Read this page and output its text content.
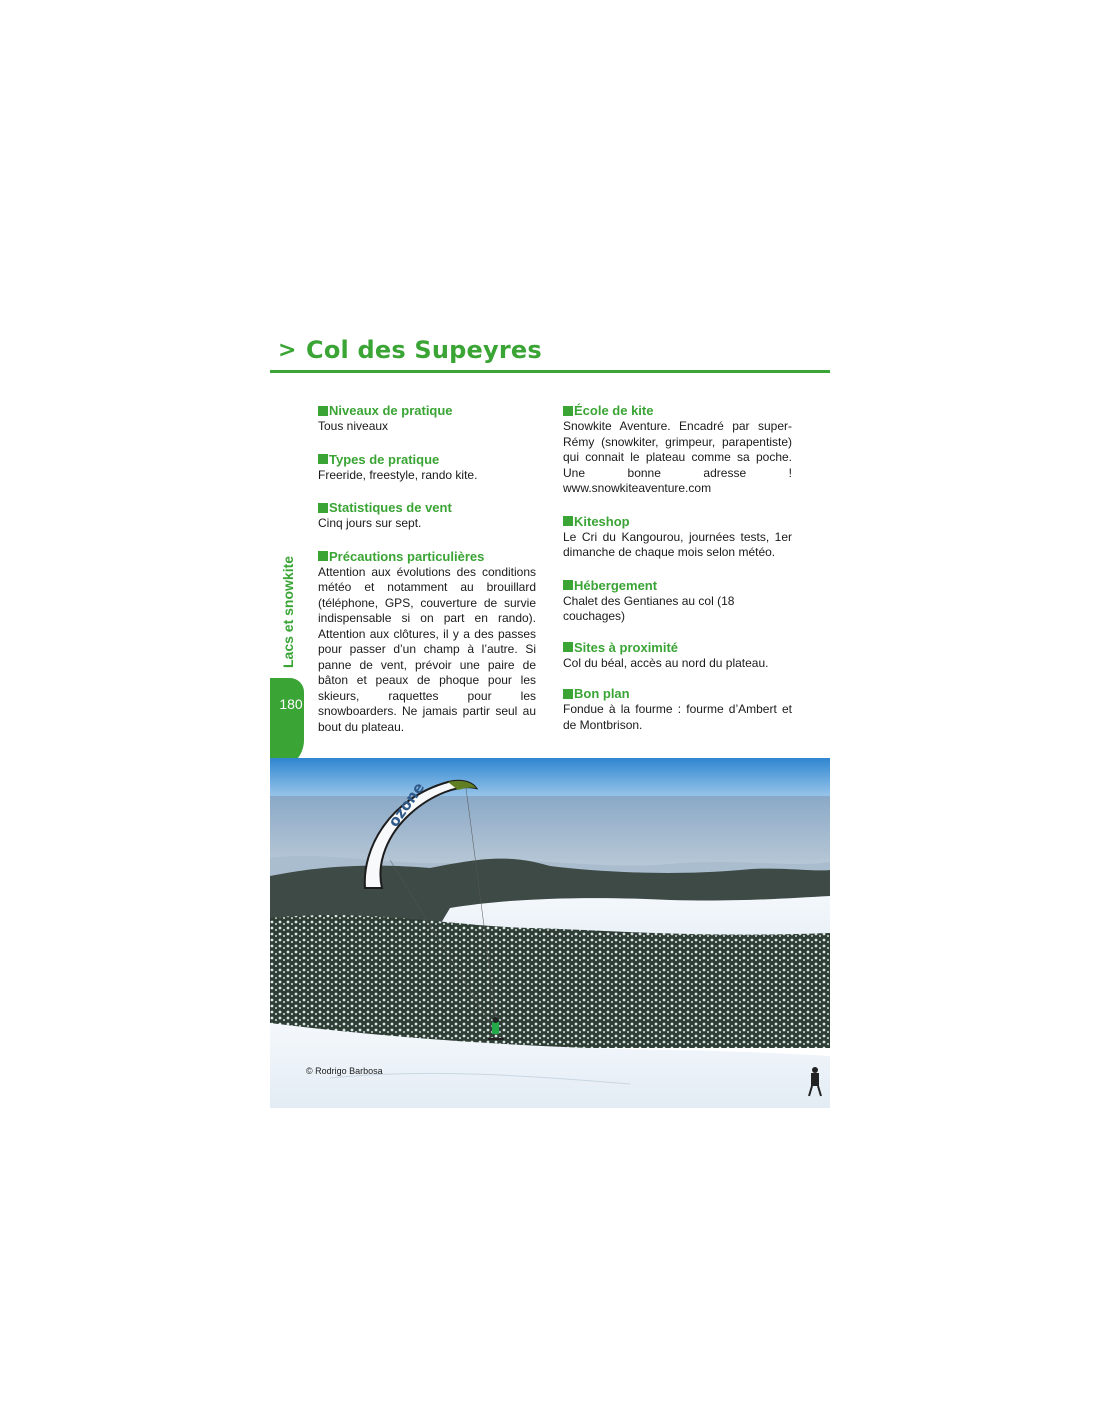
> Col des Supeyres
Niveaux de pratique
Tous niveaux
Types de pratique
Freeride, freestyle, rando kite.
Statistiques de vent
Cinq jours sur sept.
Précautions particulières
Attention aux évolutions des conditions météo et notamment au brouillard (téléphone, GPS, couverture de survie indispensable si on part en rando). Attention aux clôtures, il y a des passes pour passer d’un champ à l’autre. Si panne de vent, prévoir une paire de bâton et peaux de phoque pour les skieurs, raquettes pour les snowboarders. Ne jamais partir seul au bout du plateau.
École de kite
Snowkite Aventure. Encadré par super-Rémy (snowkiter, grimpeur, parapentiste) qui connait le plateau comme sa poche. Une bonne adresse ! www.snowkiteaventure.com
Kiteshop
Le Cri du Kangourou, journées tests, 1er dimanche de chaque mois selon météo.
Hébergement
Chalet des Gentianes au col (18 couchages)
Sites à proximité
Col du béal, accès au nord du plateau.
Bon plan
Fondue à la fourme : fourme d’Ambert et de Montbrison.
Lacs et snowkite
180
ozone
© Rodrigo Barbosa
